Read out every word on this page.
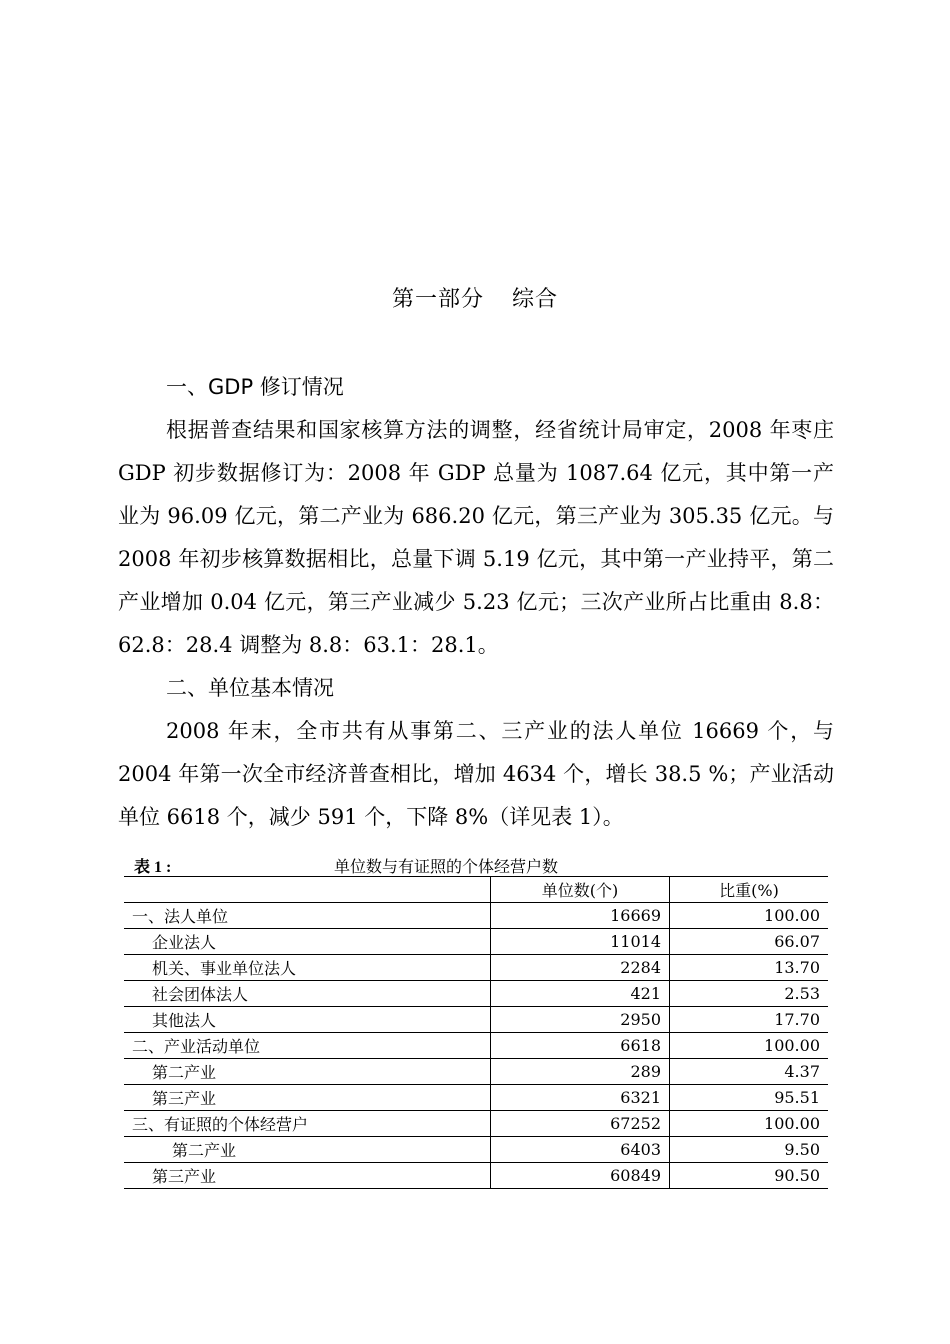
第一部分 综合
一、GDP 修订情况

根据普查结果和国家核算方法的调整，经省统计局审定，2008 年枣庄 GDP 初步数据修订为：2008 年 GDP 总量为 1087.64 亿元，其中第一产业为 96.09 亿元，第二产业为 686.20 亿元，第三产业为 305.35 亿元。与 2008 年初步核算数据相比，总量下调 5.19 亿元，其中第一产业持平，第二产业增加 0.04 亿元，第三产业减少 5.23 亿元；三次产业所占比重由 8.8：62.8：28.4 调整为 8.8：63.1：28.1。

二、单位基本情况

2008 年末，全市共有从事第二、三产业的法人单位 16669 个，与 2004 年第一次全市经济普查相比，增加 4634 个，增长 38.5 %；产业活动单位 6618 个，减少 591 个，下降 8%（详见表 1）。

表 1 :	单位数与有证照的个体经营户数
	单位数(个)	比重(%)
一、法人单位	16669	100.00
企业法人	11014	66.07
机关、事业单位法人	2284	13.70
社会团体法人	421	2.53
其他法人	2950	17.70
二、产业活动单位	6618	100.00
第二产业	289	4.37
第三产业	6321	95.51
三、有证照的个体经营户	67252	100.00
第二产业	6403	9.50
第三产业	60849	90.50
